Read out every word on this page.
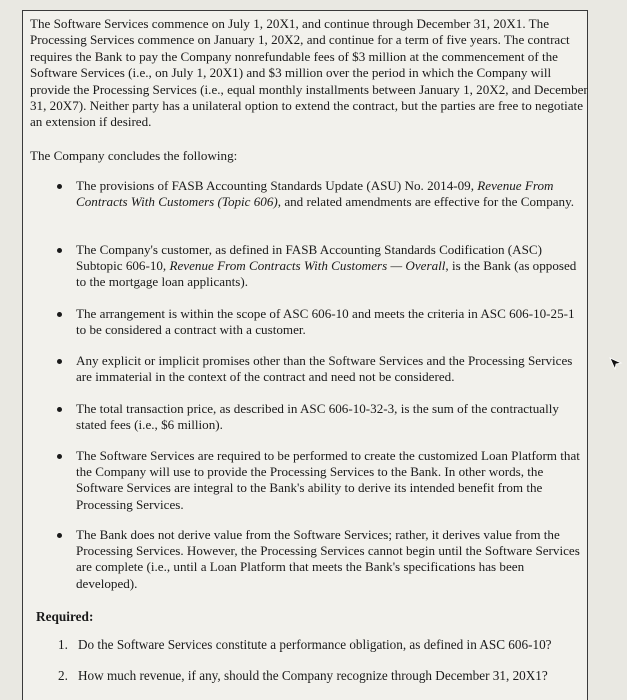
The Software Services commence on July 1, 20X1, and continue through December 31, 20X1. The Processing Services commence on January 1, 20X2, and continue for a term of five years. The contract requires the Bank to pay the Company nonrefundable fees of $3 million at the commencement of the Software Services (i.e., on July 1, 20X1) and $3 million over the period in which the Company will provide the Processing Services (i.e., equal monthly installments between January 1, 20X2, and December 31, 20X7). Neither party has a unilateral option to extend the contract, but the parties are free to negotiate an extension if desired.

The Company concludes the following:

The provisions of FASB Accounting Standards Update (ASU) No. 2014-09, Revenue From Contracts With Customers (Topic 606), and related amendments are effective for the Company.
The Company's customer, as defined in FASB Accounting Standards Codification (ASC) Subtopic 606-10, Revenue From Contracts With Customers — Overall, is the Bank (as opposed to the mortgage loan applicants).
The arrangement is within the scope of ASC 606-10 and meets the criteria in ASC 606-10-25-1 to be considered a contract with a customer.
Any explicit or implicit promises other than the Software Services and the Processing Services are immaterial in the context of the contract and need not be considered.
The total transaction price, as described in ASC 606-10-32-3, is the sum of the contractually stated fees (i.e., $6 million).
The Software Services are required to be performed to create the customized Loan Platform that the Company will use to provide the Processing Services to the Bank. In other words, the Software Services are integral to the Bank's ability to derive its intended benefit from the Processing Services.
The Bank does not derive value from the Software Services; rather, it derives value from the Processing Services. However, the Processing Services cannot begin until the Software Services are complete (i.e., until a Loan Platform that meets the Bank's specifications has been developed).

Required:

1. Do the Software Services constitute a performance obligation, as defined in ASC 606-10?
2. How much revenue, if any, should the Company recognize through December 31, 20X1?
